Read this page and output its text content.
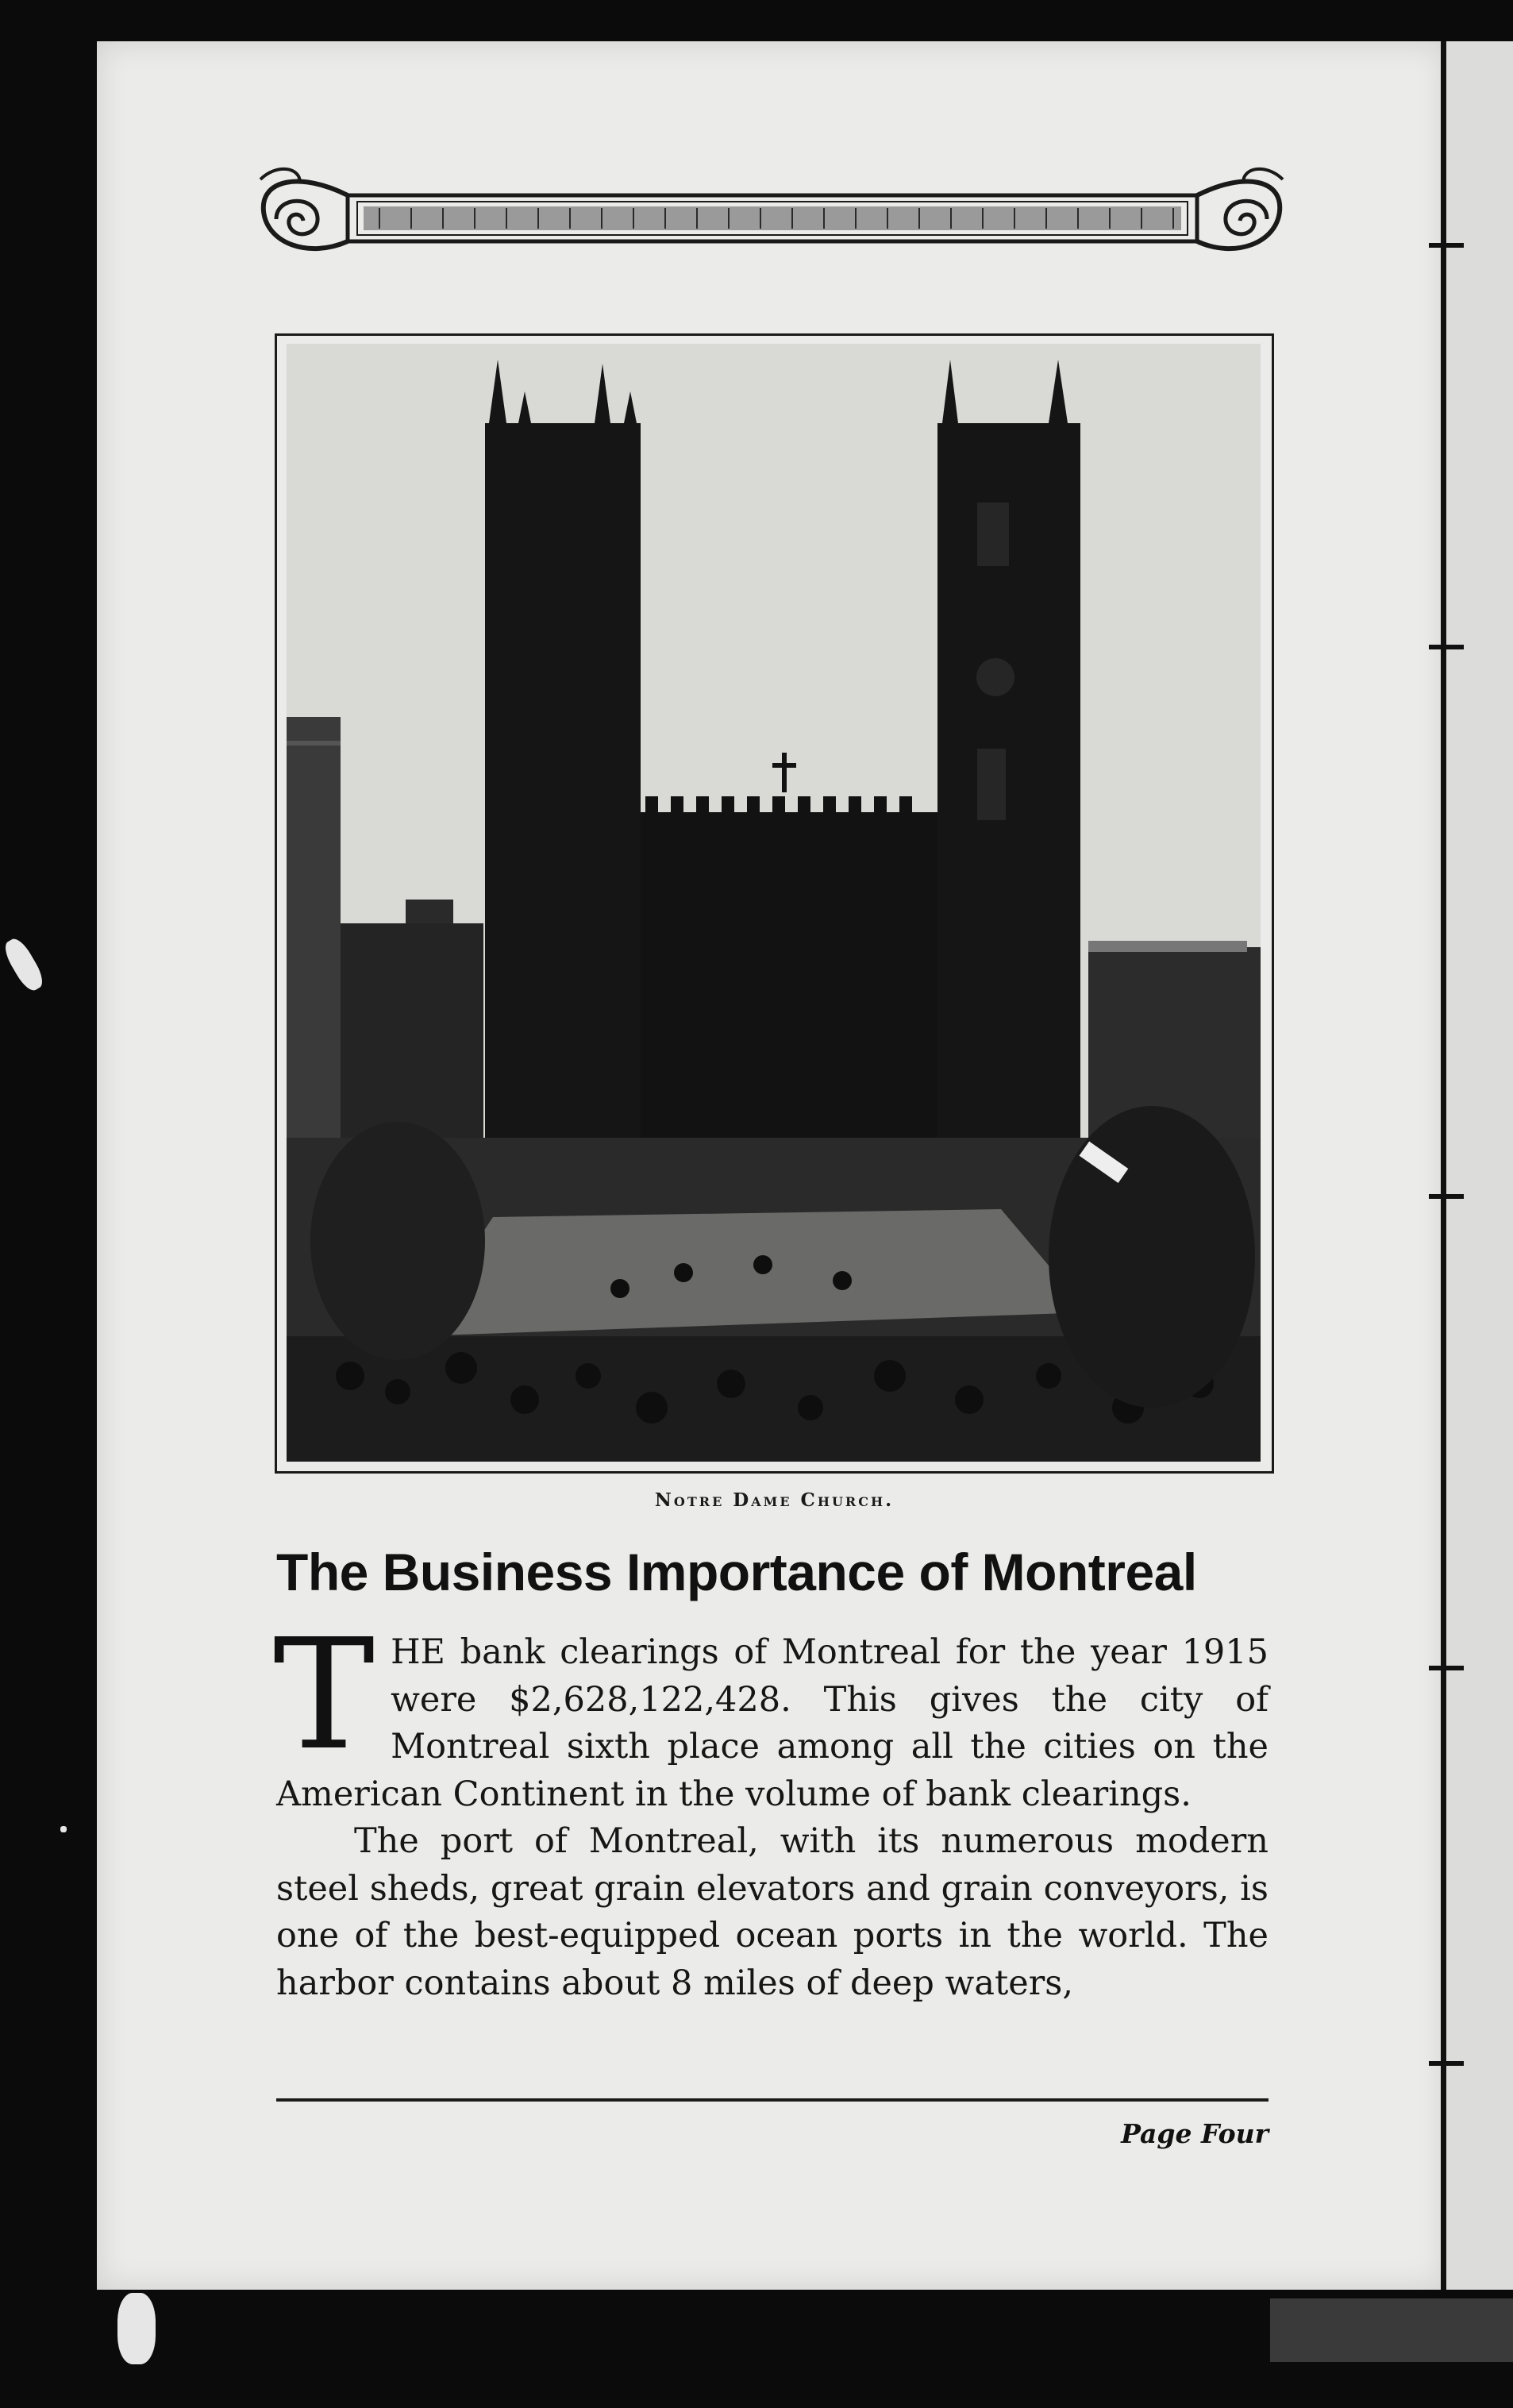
Notre Dame Church.
The Business Importance of Montreal

THE bank clearings of Montreal for the year 1915 were $2,628,122,428. This gives the city of Montreal sixth place among all the cities on the American Continent in the volume of bank clearings.

The port of Montreal, with its numerous modern steel sheds, great grain elevators and grain conveyors, is one of the best-equipped ocean ports in the world. The harbor contains about 8 miles of deep waters,

Page Four
